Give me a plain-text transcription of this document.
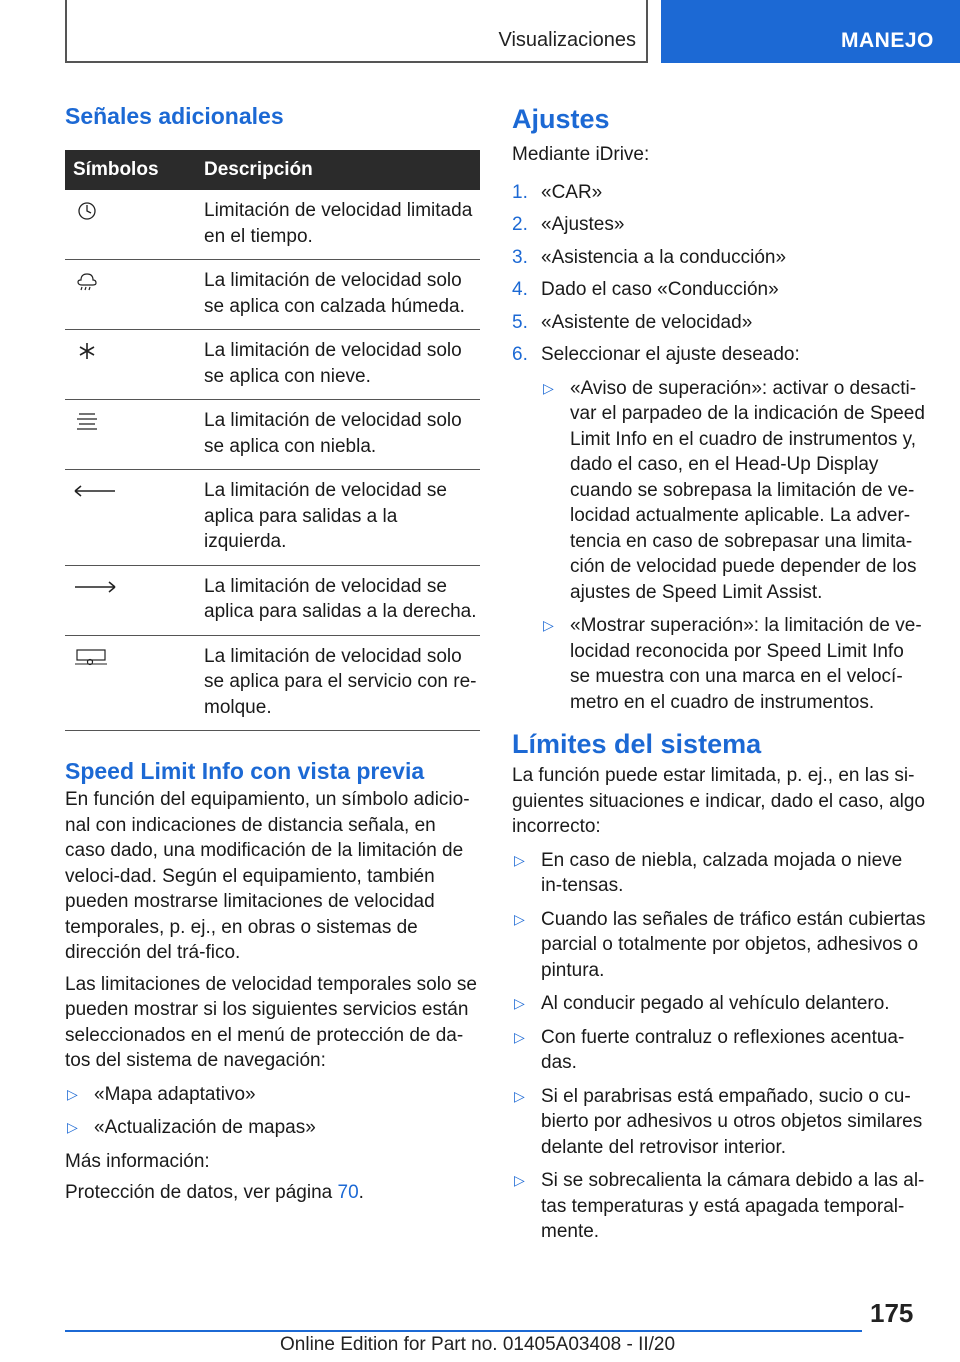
Visualizaciones	MANEJO
Señales adicionales
Símbolos	Descripción

	Limitación de velocidad limitada en el tiempo.

	La limitación de velocidad solo se aplica con calzada húmeda.

	La limitación de velocidad solo se aplica con nieve.

	La limitación de velocidad solo se aplica con niebla.

	La limitación de velocidad se aplica para salidas a la izquierda.

	La limitación de velocidad se aplica para salidas a la derecha.

	La limitación de velocidad solo se aplica para el servicio con re-molque.
Speed Limit Info con vista previa

En función del equipamiento, un símbolo adicio-nal con indicaciones de distancia señala, en caso dado, una modificación de la limitación de veloci-dad. Según el equipamiento, también pueden mostrarse limitaciones de velocidad temporales, p. ej., en obras o sistemas de dirección del trá-fico.

Las limitaciones de velocidad temporales solo se pueden mostrar si los siguientes servicios están seleccionados en el menú de protección de da-tos del sistema de navegación:

▷ «Mapa adaptativo»
▷ «Actualización de mapas»

Más información:

Protección de datos, ver página 70.

Ajustes

Mediante iDrive:

1. «CAR»
2. «Ajustes»
3. «Asistencia a la conducción»
4. Dado el caso «Conducción»
5. «Asistente de velocidad»
6. Seleccionar el ajuste deseado:
▷ «Aviso de superación»: activar o desacti-var el parpadeo de la indicación de Speed Limit Info en el cuadro de instrumentos y, dado el caso, en el Head-Up Display cuando se sobrepasa la limitación de ve-locidad actualmente aplicable. La adver-tencia en caso de sobrepasar una limita-ción de velocidad puede depender de los ajustes de Speed Limit Assist.
▷ «Mostrar superación»: la limitación de ve-locidad reconocida por Speed Limit Info se muestra con una marca en el velocí-metro en el cuadro de instrumentos.
Límites del sistema

La función puede estar limitada, p. ej., en las si-guientes situaciones e indicar, dado el caso, algo incorrecto:

▷ En caso de niebla, calzada mojada o nieve in-tensas.
▷ Cuando las señales de tráfico están cubiertas parcial o totalmente por objetos, adhesivos o pintura.
▷ Al conducir pegado al vehículo delantero.
▷ Con fuerte contraluz o reflexiones acentua-das.
▷ Si el parabrisas está empañado, sucio o cu-bierto por adhesivos u otros objetos similares delante del retrovisor interior.
▷ Si se sobrecalienta la cámara debido a las al-tas temperaturas y está apagada temporal-mente.
175
Online Edition for Part no. 01405A03408 - II/20
